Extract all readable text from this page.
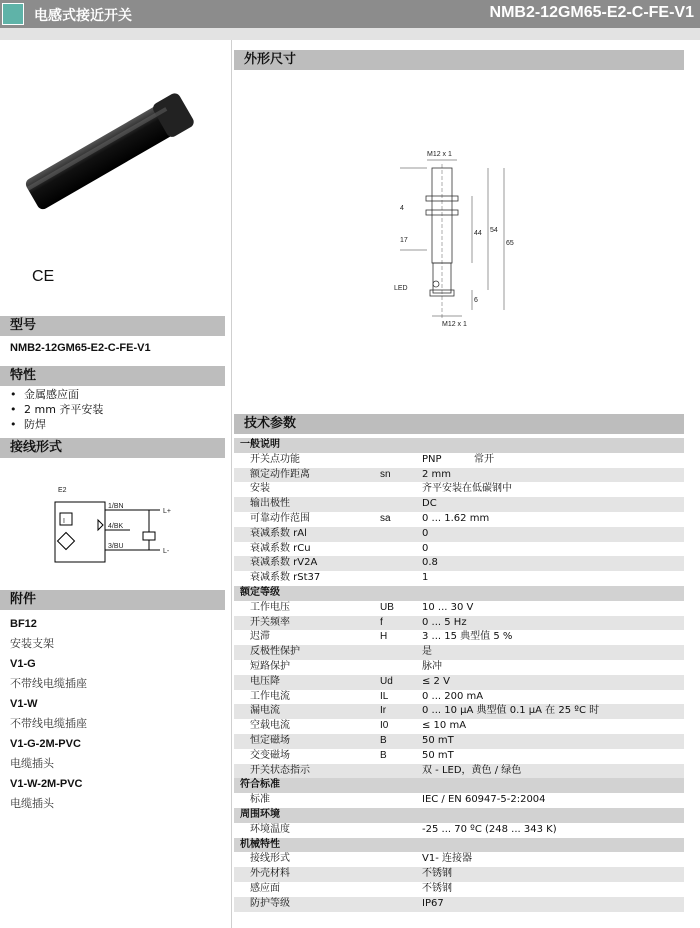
电感式接近开关	NMB2-12GM65-E2-C-FE-V1
CE
型号
NMB2-12GM65-E2-C-FE-V1
特性
• 金属感应面
• 2 mm 齐平安装
• 防焊
接线形式
E2
I
1/BN
4/BK
3/BU
L+
L-
附件
BF12
安装支架
V1-G
不带线电缆插座
V1-W
不带线电缆插座
V1-G-2M-PVC
电缆插头
V1-W-2M-PVC
电缆插头
外形尺寸
M12 x 1
4
17
LED
44 54
65
6
M12 x 1
技术参数
一般说明
开关点功能	PNP	常开
额定动作距离	sn	2 mm
安装	齐平安装在低碳钢中
输出极性	DC
可靠动作范围	sa	0 ... 1.62 mm
衰减系数 rAl	0
衰减系数 rCu	0
衰减系数 rV2A	0.8
衰减系数 rSt37	1
额定等级
工作电压	UB	10 ... 30 V
开关频率	f	0 ... 5 Hz
迟滞	H	3 ... 15 典型值 5 %
反极性保护	是
短路保护	脉冲
电压降	Ud	≤ 2 V
工作电流	IL	0 ... 200 mA
漏电流	Ir	0 ... 10 µA 典型值 0.1 µA 在 25 ºC 时
空载电流	I0	≤ 10 mA
恒定磁场	B	50 mT
交变磁场	B	50 mT
开关状态指示	双 - LED，黄色 / 绿色
符合标准
标准	IEC / EN 60947-5-2:2004
周围环境
环境温度	-25 ... 70 ºC (248 ... 343 K)
机械特性
接线形式	V1- 连接器
外壳材料	不锈钢
感应面	不锈钢
防护等级	IP67
